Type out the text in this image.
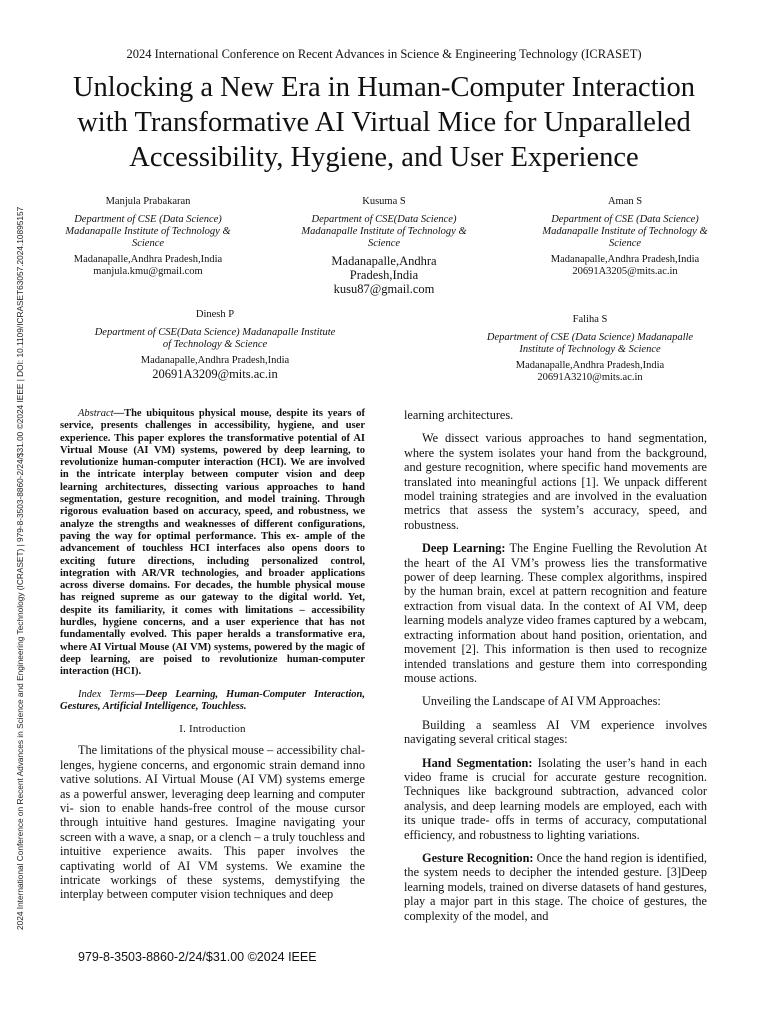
2024 International Conference on Recent Advances in Science & Engineering Technology (ICRASET)
Unlocking a New Era in Human-Computer Interaction
with Transformative AI Virtual Mice for Unparalleled
Accessibility, Hygiene, and User Experience
Manjula Prabakaran
Department of CSE (Data Science)
Madanapalle Institute of Technology &
Science
Madanapalle,Andhra Pradesh,India
manjula.kmu@gmail.com
Kusuma S
Department of CSE(Data Science)
Madanapalle Institute of Technology &
Science
Madanapalle,Andhra
Pradesh,India
kusu87@gmail.com
Aman S
Department of CSE (Data Science)
Madanapalle Institute of Technology &
Science
Madanapalle,Andhra Pradesh,India
20691A3205@mits.ac.in
Dinesh P
Department of CSE(Data Science) Madanapalle Institute
of Technology & Science
Madanapalle,Andhra Pradesh,India
20691A3209@mits.ac.in
Faliha S
Department of CSE (Data Science) Madanapalle
Institute of Technology & Science
Madanapalle,Andhra Pradesh,India
20691A3210@mits.ac.in

Abstract—The ubiquitous physical mouse, despite its years of service, presents challenges in accessibility, hygiene, and user experience. This paper explores the transformative potential of AI Virtual Mouse (AI VM) systems, powered by deep learning, to revolutionize human-computer interaction (HCI). We are involved in the intricate interplay between computer vision and deep learning architectures, dissecting various approaches to hand segmentation, gesture recognition, and model training. Through rigorous evaluation based on accuracy, speed, and robustness, we analyze the strengths and weaknesses of different configurations, paving the way for optimal performance. This ex- ample of the advancement of touchless HCI interfaces also opens doors to exciting future directions, including personalized control, integration with AR/VR technologies, and broader applications across diverse domains. For decades, the humble physical mouse has reigned supreme as our gateway to the digital world. Yet, despite its familiarity, it comes with limitations – accessibility hurdles, hygiene concerns, and a user experience that has not fundamentally evolved. This paper heralds a transformative era, where AI Virtual Mouse (AI VM) systems, powered by the magic of deep learning, are poised to revolutionize human-computer interaction (HCI).

Index Terms—Deep Learning, Human-Computer Interaction, Gestures, Artificial Intelligence, Touchless.

I. Introduction

The limitations of the physical mouse – accessibility chal- lenges, hygiene concerns, and ergonomic strain demand inno vative solutions. AI Virtual Mouse (AI VM) systems emerge as a powerful answer, leveraging deep learning and computer vi- sion to enable hands-free control of the mouse cursor through intuitive hand gestures. Imagine navigating your screen with a wave, a snap, or a clench – a truly touchless and intuitive experience awaits. This paper involves the captivating world of AI VM systems. We examine the intricate workings of these systems, demystifying the interplay between computer vision techniques and deep

learning architectures.

We dissect various approaches to hand segmentation, where the system isolates your hand from the background, and gesture recognition, where specific hand movements are translated into meaningful actions [1]. We unpack different model training strategies and are involved in the evaluation metrics that assess the system’s accuracy, speed, and robustness.

Deep Learning: The Engine Fuelling the Revolution At the heart of the AI VM’s prowess lies the transformative power of deep learning. These complex algorithms, inspired by the human brain, excel at pattern recognition and feature extraction from visual data. In the context of AI VM, deep learning models analyze video frames captured by a webcam, extracting information about hand position, orientation, and movement [2]. This information is then used to recognize intended translations and gesture them into corresponding mouse actions.

Unveiling the Landscape of AI VM Approaches:

Building a seamless AI VM experience involves navigating several critical stages:

Hand Segmentation: Isolating the user’s hand in each video frame is crucial for accurate gesture recognition. Techniques like background subtraction, advanced color analysis, and deep learning models are employed, each with its unique trade- offs in terms of accuracy, computational efficiency, and robustness to lighting variations.

Gesture Recognition: Once the hand region is identified, the system needs to decipher the intended gesture. [3]Deep learning models, trained on diverse datasets of hand gestures, play a major part in this stage. The choice of gestures, the complexity of the model, and

979-8-3503-8860-2/24/$31.00 ©2024 IEEE
2024 International Conference on Recent Advances in Science and Engineering Technology (ICRASET) | 979-8-3503-8860-2/24/$31.00 ©2024 IEEE | DOI: 10.1109/ICRASET63057.2024.10895157
